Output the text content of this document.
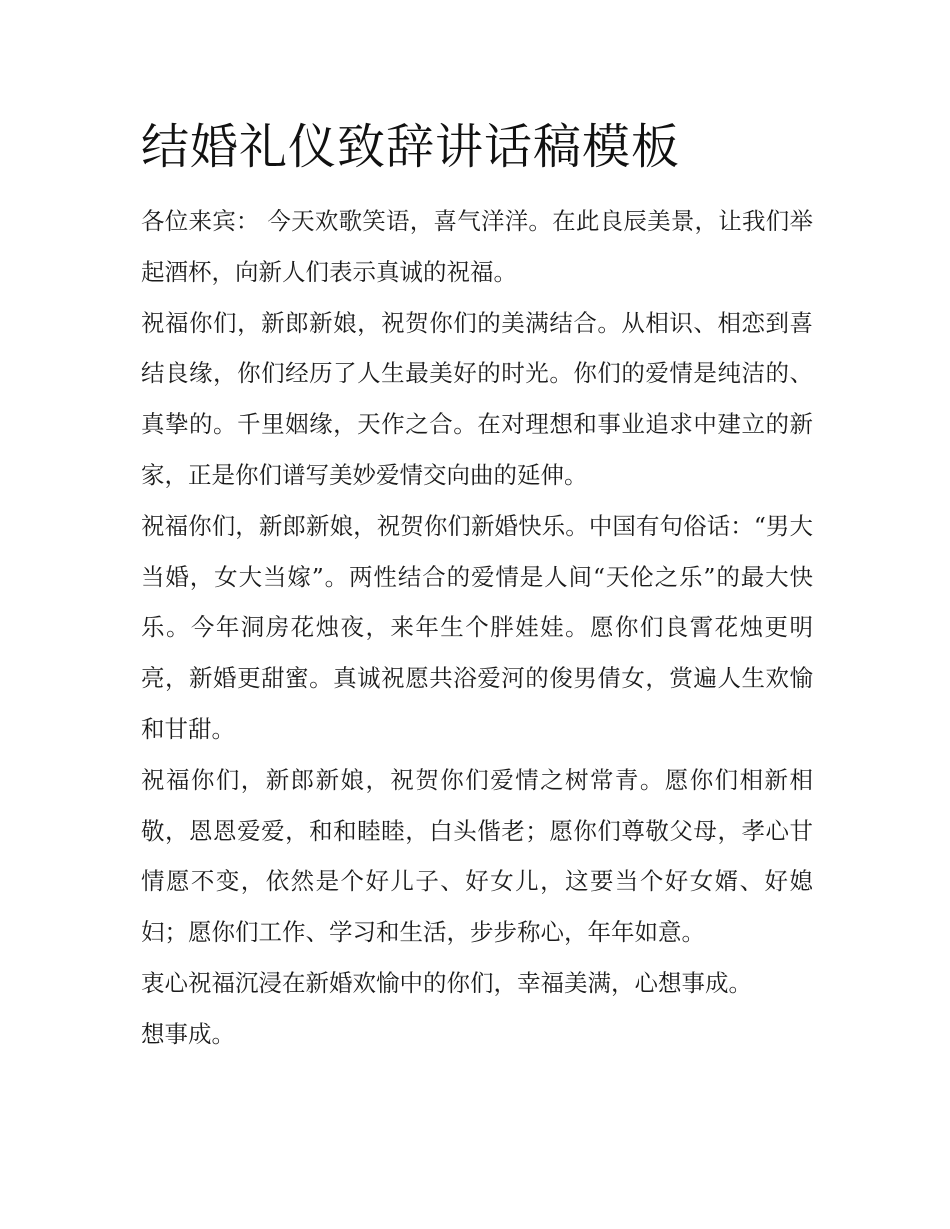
结婚礼仪致辞讲话稿模板

各位来宾： 今天欢歌笑语，喜气洋洋。在此良辰美景，让我们举起酒杯，向新人们表示真诚的祝福。

祝福你们，新郎新娘，祝贺你们的美满结合。从相识、相恋到喜结良缘，你们经历了人生最美好的时光。你们的爱情是纯洁的、真挚的。千里姻缘，天作之合。在对理想和事业追求中建立的新家，正是你们谱写美妙爱情交向曲的延伸。

祝福你们，新郎新娘，祝贺你们新婚快乐。中国有句俗话：“男大当婚，女大当嫁”。两性结合的爱情是人间“天伦之乐”的最大快乐。今年洞房花烛夜，来年生个胖娃娃。愿你们良霄花烛更明亮，新婚更甜蜜。真诚祝愿共浴爱河的俊男倩女，赏遍人生欢愉和甘甜。

祝福你们，新郎新娘，祝贺你们爱情之树常青。愿你们相新相敬，恩恩爱爱，和和睦睦，白头偕老；愿你们尊敬父母，孝心甘情愿不变，依然是个好儿子、好女儿，这要当个好女婿、好媳妇；愿你们工作、学习和生活，步步称心，年年如意。

衷心祝福沉浸在新婚欢愉中的你们，幸福美满，心想事成。

想事成。
